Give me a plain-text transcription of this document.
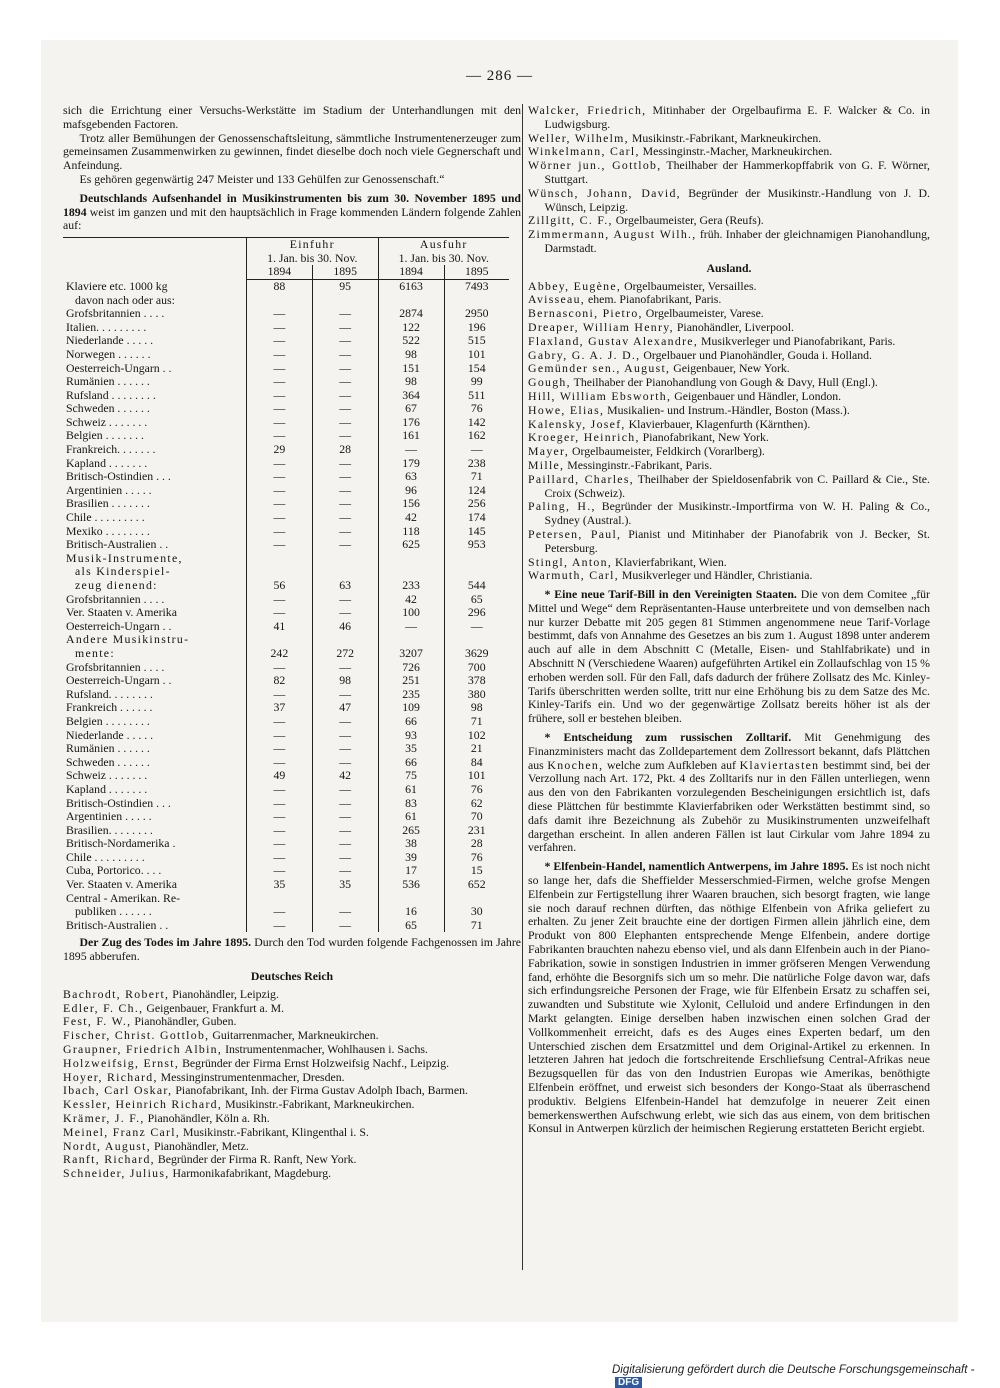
— 286 —

sich die Errichtung einer Versuchs-Werkstätte im Stadium der Unterhandlungen mit den mafsgebenden Factoren.

Trotz aller Bemühungen der Genossenschaftsleitung, sämmtliche Instrumentenerzeuger zum gemeinsamen Zusammenwirken zu gewinnen, findet dieselbe doch noch viele Gegnerschaft und Anfeindung.

Es gehören gegenwärtig 247 Meister und 133 Gehülfen zur Genossenschaft.“

Deutschlands Aufsenhandel in Musikinstrumenten bis zum 30. November 1895 und 1894 weist im ganzen und mit den hauptsächlich in Frage kommenden Ländern folgende Zahlen auf:

	Einfuhr		Ausfuhr	
	1. Jan. bis 30. Nov.		1. Jan. bis 30. Nov.	
	1894	1895	1894	1895
Klaviere etc. 1000 kg	88	95	6163	7493
davon nach oder aus:				
Grofsbritannien . . . .	—	—	2874	2950
Italien. . . . . . . . .	—	—	122	196
Niederlande . . . . .	—	—	522	515
Norwegen . . . . . .	—	—	98	101
Oesterreich-Ungarn . .	—	—	151	154
Rumänien . . . . . .	—	—	98	99
Rufsland . . . . . . . .	—	—	364	511
Schweden . . . . . .	—	—	67	76
Schweiz . . . . . . .	—	—	176	142
Belgien . . . . . . .	—	—	161	162
Frankreich. . . . . . .	29	28	—	—
Kapland . . . . . . .	—	—	179	238
Britisch-Ostindien . . .	—	—	63	71
Argentinien . . . . .	—	—	96	124
Brasilien . . . . . . .	—	—	156	256
Chile . . . . . . . . .	—	—	42	174
Mexiko . . . . . . . .	—	—	118	145
Britisch-Australien . .	—	—	625	953
Musik-Instrumente,				
als Kinderspiel-				
zeug dienend:	56	63	233	544
Grofsbritannien . . . .	—	—	42	65
Ver. Staaten v. Amerika	—	—	100	296
Oesterreich-Ungarn . .	41	46	—	—
Andere Musikinstru-				
mente:	242	272	3207	3629
Grofsbritannien . . . .	—	—	726	700
Oesterreich-Ungarn . .	82	98	251	378
Rufsland. . . . . . . .	—	—	235	380
Frankreich . . . . . .	37	47	109	98
Belgien . . . . . . . .	—	—	66	71
Niederlande . . . . .	—	—	93	102
Rumänien . . . . . .	—	—	35	21
Schweden . . . . . .	—	—	66	84
Schweiz . . . . . . .	49	42	75	101
Kapland . . . . . . .	—	—	61	76
Britisch-Ostindien . . .	—	—	83	62
Argentinien . . . . .	—	—	61	70
Brasilien. . . . . . . .	—	—	265	231
Britisch-Nordamerika .	—	—	38	28
Chile . . . . . . . . .	—	—	39	76
Cuba, Portorico. . . .	—	—	17	15
Ver. Staaten v. Amerika	35	35	536	652
Central - Amerikan. Re-				
publiken . . . . . .	—	—	16	30
Britisch-Australien . .	—	—	65	71

Der Zug des Todes im Jahre 1895. Durch den Tod wurden folgende Fachgenossen im Jahre 1895 abberufen.

Deutsches Reich

Bachrodt, Robert, Pianohändler, Leipzig.

Edler, F. Ch., Geigenbauer, Frankfurt a. M.

Fest, F. W., Pianohändler, Guben.

Fischer, Christ. Gottlob, Guitarrenmacher, Markneukirchen.

Graupner, Friedrich Albin, Instrumentenmacher, Wohlhausen i. Sachs.

Holzweifsig, Ernst, Begründer der Firma Ernst Holzweifsig Nachf., Leipzig.

Hoyer, Richard, Messinginstrumentenmacher, Dresden.

Ibach, Carl Oskar, Pianofabrikant, Inh. der Firma Gustav Adolph Ibach, Barmen.

Kessler, Heinrich Richard, Musikinstr.-Fabrikant, Markneukirchen.

Krämer, J. F., Pianohändler, Köln a. Rh.

Meinel, Franz Carl, Musikinstr.-Fabrikant, Klingenthal i. S.

Nordt, August, Pianohändler, Metz.

Ranft, Richard, Begründer der Firma R. Ranft, New York.

Schneider, Julius, Harmonikafabrikant, Magdeburg.

Walcker, Friedrich, Mitinhaber der Orgelbaufirma E. F. Walcker & Co. in Ludwigsburg.

Weller, Wilhelm, Musikinstr.-Fabrikant, Markneukirchen.

Winkelmann, Carl, Messinginstr.-Macher, Markneukirchen.

Wörner jun., Gottlob, Theilhaber der Hammerkopffabrik von G. F. Wörner, Stuttgart.

Wünsch, Johann, David, Begründer der Musikinstr.-Handlung von J. D. Wünsch, Leipzig.

Zillgitt, C. F., Orgelbaumeister, Gera (Reufs).

Zimmermann, August Wilh., früh. Inhaber der gleichnamigen Pianohandlung, Darmstadt.

Ausland.

Abbey, Eugène, Orgelbaumeister, Versailles.

Avisseau, ehem. Pianofabrikant, Paris.

Bernasconi, Pietro, Orgelbaumeister, Varese.

Dreaper, William Henry, Pianohändler, Liverpool.

Flaxland, Gustav Alexandre, Musikverleger und Pianofabrikant, Paris.

Gabry, G. A. J. D., Orgelbauer und Pianohändler, Gouda i. Holland.

Gemünder sen., August, Geigenbauer, New York.

Gough, Theilhaber der Pianohandlung von Gough & Davy, Hull (Engl.).

Hill, William Ebsworth, Geigenbauer und Händler, London.

Howe, Elias, Musikalien- und Instrum.-Händler, Boston (Mass.).

Kalensky, Josef, Klavierbauer, Klagenfurth (Kärnthen).

Kroeger, Heinrich, Pianofabrikant, New York.

Mayer, Orgelbaumeister, Feldkirch (Vorarlberg).

Mille, Messinginstr.-Fabrikant, Paris.

Paillard, Charles, Theilhaber der Spieldosenfabrik von C. Paillard & Cie., Ste. Croix (Schweiz).

Paling, H., Begründer der Musikinstr.-Importfirma von W. H. Paling & Co., Sydney (Austral.).

Petersen, Paul, Pianist und Mitinhaber der Pianofabrik von J. Becker, St. Petersburg.

Stingl, Anton, Klavierfabrikant, Wien.

Warmuth, Carl, Musikverleger und Händler, Christiania.

* Eine neue Tarif-Bill in den Vereinigten Staaten. Die von dem Comitee „für Mittel und Wege“ dem Repräsentanten-Hause unterbreitete und von demselben nach nur kurzer Debatte mit 205 gegen 81 Stimmen angenommene neue Tarif-Vorlage bestimmt, dafs von Annahme des Gesetzes an bis zum 1. August 1898 unter anderem auch auf alle in dem Abschnitt C (Metalle, Eisen- und Stahlfabrikate) und in Abschnitt N (Verschiedene Waaren) aufgeführten Artikel ein Zollaufschlag von 15 % erhoben werden soll. Für den Fall, dafs dadurch der frühere Zollsatz des Mc. Kinley-Tarifs überschritten werden sollte, tritt nur eine Erhöhung bis zu dem Satze des Mc. Kinley-Tarifs ein. Und wo der gegenwärtige Zollsatz bereits höher ist als der frühere, soll er bestehen bleiben.

* Entscheidung zum russischen Zolltarif. Mit Genehmigung des Finanzministers macht das Zolldepartement dem Zollressort bekannt, dafs Plättchen aus Knochen, welche zum Aufkleben auf Klaviertasten bestimmt sind, bei der Verzollung nach Art. 172, Pkt. 4 des Zolltarifs nur in den Fällen unterliegen, wenn aus den von den Fabrikanten vorzulegenden Bescheinigungen ersichtlich ist, dafs diese Plättchen für bestimmte Klavierfabriken oder Werkstätten bestimmt sind, so dafs damit ihre Bezeichnung als Zubehör zu Musikinstrumenten unzweifelhaft dargethan erscheint. In allen anderen Fällen ist laut Cirkular vom Jahre 1894 zu verfahren.

* Elfenbein-Handel, namentlich Antwerpens, im Jahre 1895. Es ist noch nicht so lange her, dafs die Sheffielder Messerschmied-Firmen, welche grofse Mengen Elfenbein zur Fertigstellung ihrer Waaren brauchen, sich besorgt fragten, wie lange sie noch darauf rechnen dürften, das nöthige Elfenbein von Afrika geliefert zu erhalten. Zu jener Zeit brauchte eine der dortigen Firmen allein jährlich eine, dem Produkt von 800 Elephanten entsprechende Menge Elfenbein, andere dortige Fabrikanten brauchten nahezu ebenso viel, und als dann Elfenbein auch in der Piano-Fabrikation, sowie in sonstigen Industrien in immer gröfseren Mengen Verwendung fand, erhöhte die Besorgnifs sich um so mehr. Die natürliche Folge davon war, dafs sich erfindungsreiche Personen der Frage, wie für Elfenbein Ersatz zu schaffen sei, zuwandten und Substitute wie Xylonit, Celluloid und andere Erfindungen in den Markt gelangten. Einige derselben haben inzwischen einen solchen Grad der Vollkommenheit erreicht, dafs es des Auges eines Experten bedarf, um den Unterschied zischen dem Ersatzmittel und dem Original-Artikel zu erkennen. In letzteren Jahren hat jedoch die fortschreitende Erschliefsung Central-Afrikas neue Bezugsquellen für das von den Industrien Europas wie Amerikas, benöthigte Elfenbein eröffnet, und erweist sich besonders der Kongo-Staat als überraschend produktiv. Belgiens Elfenbein-Handel hat demzufolge in neuerer Zeit einen bemerkenswerthen Aufschwung erlebt, wie sich das aus einem, von dem britischen Konsul in Antwerpen kürzlich der heimischen Regierung erstatteten Bericht ergiebt.

Digitalisierung gefördert durch die Deutsche Forschungsgemeinschaft -DFG
